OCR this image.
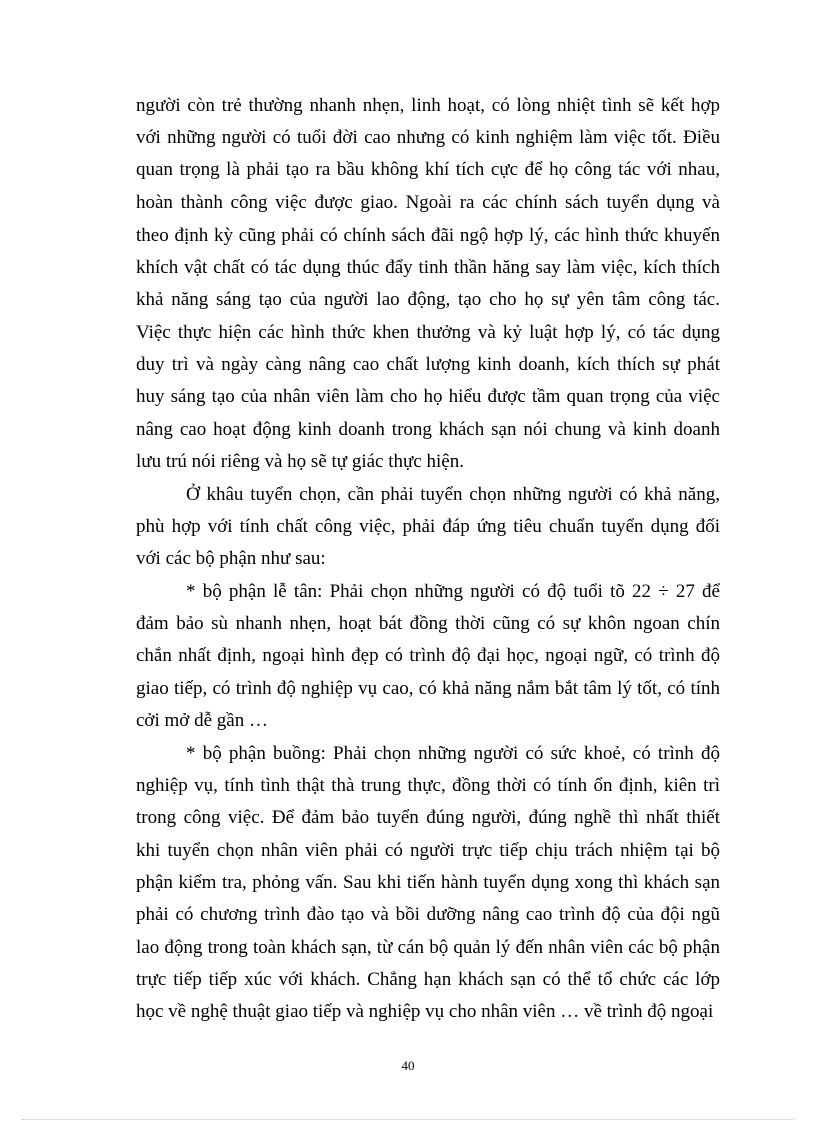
người còn trẻ thường nhanh nhẹn, linh hoạt, có lòng nhiệt tình sẽ kết hợp
với những người có tuổi đời cao nhưng có kinh nghiệm làm việc tốt. Điều
quan trọng là phải tạo ra bầu không khí tích cực để họ công tác với nhau,
hoàn thành công việc được giao. Ngoài ra các chính sách tuyển dụng và
theo định kỳ cũng phải có chính sách đãi ngộ hợp lý, các hình thức khuyến
khích vật chất có tác dụng thúc đẩy tinh thần hăng say làm việc, kích thích
khả năng sáng tạo của người lao động, tạo cho họ sự yên tâm công tác.
Việc thực hiện các hình thức khen thưởng và kỷ luật hợp lý, có tác dụng
duy trì và ngày càng nâng cao chất lượng kinh doanh, kích thích sự phát
huy sáng tạo của nhân viên làm cho họ hiểu được tầm quan trọng của việc
nâng cao hoạt động kinh doanh trong khách sạn nói chung và kinh doanh
lưu trú nói riêng và họ sẽ tự giác thực hiện.
Ở khâu tuyển chọn, cần phải tuyển chọn những người có khả năng,
phù hợp với tính chất công việc, phải đáp ứng tiêu chuẩn tuyển dụng đối
với các bộ phận như sau:
* bộ phận lễ tân: Phải chọn những người có độ tuổi tõ 22 ÷ 27 để
đảm bảo sù nhanh nhẹn, hoạt bát đồng thời cũng có sự khôn ngoan chín
chắn nhất định, ngoại hình đẹp có trình độ đại học, ngoại ngữ, có trình độ
giao tiếp, có trình độ nghiệp vụ cao, có khả năng nắm bắt tâm lý tốt, có tính
cởi mở dễ gần …
* bộ phận buồng: Phải chọn những người có sức khoẻ, có trình độ
nghiệp vụ, tính tình thật thà trung thực, đồng thời có tính ổn định, kiên trì
trong công việc. Để đảm bảo tuyển đúng người, đúng nghề thì nhất thiết
khi tuyển chọn nhân viên phải có người trực tiếp chịu trách nhiệm tại bộ
phận kiểm tra, phỏng vấn. Sau khi tiến hành tuyển dụng xong thì khách sạn
phải có chương trình đào tạo và bồi dưỡng nâng cao trình độ của đội ngũ
lao động trong toàn khách sạn, từ cán bộ quản lý đến nhân viên các bộ phận
trực tiếp tiếp xúc với khách. Chẳng hạn khách sạn có thể tổ chức các lớp
học về nghệ thuật giao tiếp và nghiệp vụ cho nhân viên … về trình độ ngoại
40
